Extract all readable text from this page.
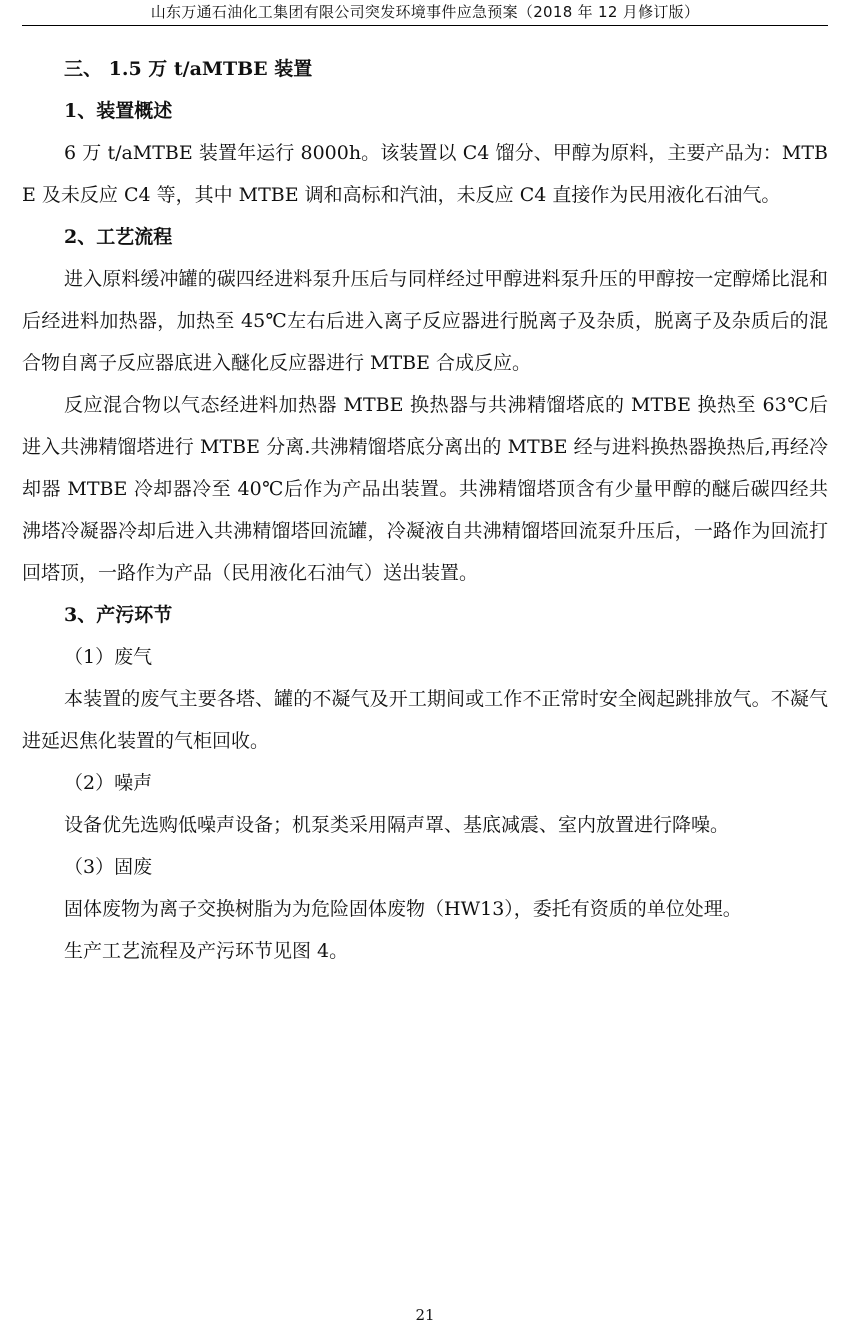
山东万通石油化工集团有限公司突发环境事件应急预案（2018 年 12 月修订版）

三、 1.5 万 t/aMTBE 装置

1、装置概述

6 万 t/aMTBE 装置年运行 8000h。该装置以 C4 馏分、甲醇为原料，主要产品为：MTBE 及未反应 C4 等，其中 MTBE 调和高标和汽油，未反应 C4 直接作为民用液化石油气。

2、工艺流程

进入原料缓冲罐的碳四经进料泵升压后与同样经过甲醇进料泵升压的甲醇按一定醇烯比混和后经进料加热器，加热至 45℃左右后进入离子反应器进行脱离子及杂质，脱离子及杂质后的混合物自离子反应器底进入醚化反应器进行 MTBE 合成反应。

反应混合物以气态经进料加热器 MTBE 换热器与共沸精馏塔底的 MTBE 换热至 63℃后进入共沸精馏塔进行 MTBE 分离.共沸精馏塔底分离出的 MTBE 经与进料换热器换热后,再经冷却器 MTBE 冷却器冷至 40℃后作为产品出装置。共沸精馏塔顶含有少量甲醇的醚后碳四经共沸塔冷凝器冷却后进入共沸精馏塔回流罐，冷凝液自共沸精馏塔回流泵升压后，一路作为回流打回塔顶，一路作为产品（民用液化石油气）送出装置。

3、产污环节

（1）废气

本装置的废气主要各塔、罐的不凝气及开工期间或工作不正常时安全阀起跳排放气。不凝气进延迟焦化装置的气柜回收。

（2）噪声

设备优先选购低噪声设备；机泵类采用隔声罩、基底减震、室内放置进行降噪。

（3）固废

固体废物为离子交换树脂为为危险固体废物（HW13），委托有资质的单位处理。

生产工艺流程及产污环节见图 4。

21
